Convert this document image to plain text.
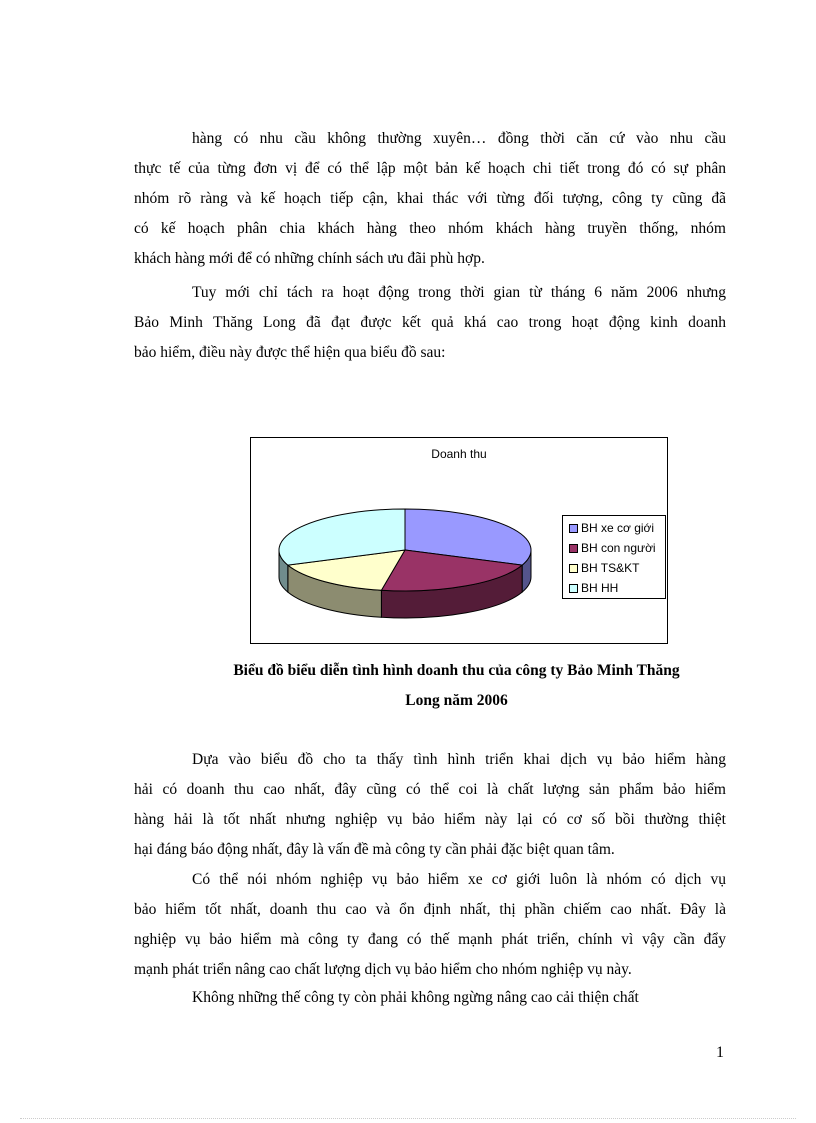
hàng có nhu cầu không thường xuyên… đồng thời căn cứ vào nhu cầu
thực tế của từng đơn vị để có thể lập một bản kế hoạch chi tiết trong đó có sự phân
nhóm rõ ràng và kế hoạch tiếp cận, khai thác với từng đối tượng, công ty cũng đã
có kế hoạch phân chia khách hàng theo nhóm khách hàng truyền thống, nhóm
khách hàng mới để có những chính sách ưu đãi phù hợp.
Tuy mới chỉ tách ra hoạt động trong thời gian từ tháng 6 năm 2006 nhưng
Bảo Minh Thăng Long đã đạt được kết quả khá cao trong hoạt động kinh doanh
bảo hiểm, điều này được thể hiện qua biểu đồ sau:
Doanh thu
BH xe cơ giới
BH con người
BH TS&KT
BH HH
Biểu đồ biểu diễn tình hình doanh thu của công ty Bảo Minh Thăng
Long năm 2006
Dựa vào biểu đồ cho ta thấy tình hình triển khai dịch vụ bảo hiểm hàng
hải có doanh thu cao nhất, đây cũng có thể coi là chất lượng sản phẩm bảo hiểm
hàng hải là tốt nhất nhưng nghiệp vụ bảo hiểm này lại có cơ số bồi thường thiệt
hại đáng báo động nhất, đây là vấn đề mà công ty cần phải đặc biệt quan tâm.
Có thể nói nhóm nghiệp vụ bảo hiểm xe cơ giới luôn là nhóm có dịch vụ
bảo hiểm tốt nhất, doanh thu cao và ổn định nhất, thị phần chiếm cao nhất. Đây là
nghiệp vụ bảo hiểm mà công ty đang có thế mạnh phát triển, chính vì vậy cần đẩy
mạnh phát triển nâng cao chất lượng dịch vụ bảo hiểm cho nhóm nghiệp vụ này.
Không những thế công ty còn phải không ngừng nâng cao cải thiện chất
1
